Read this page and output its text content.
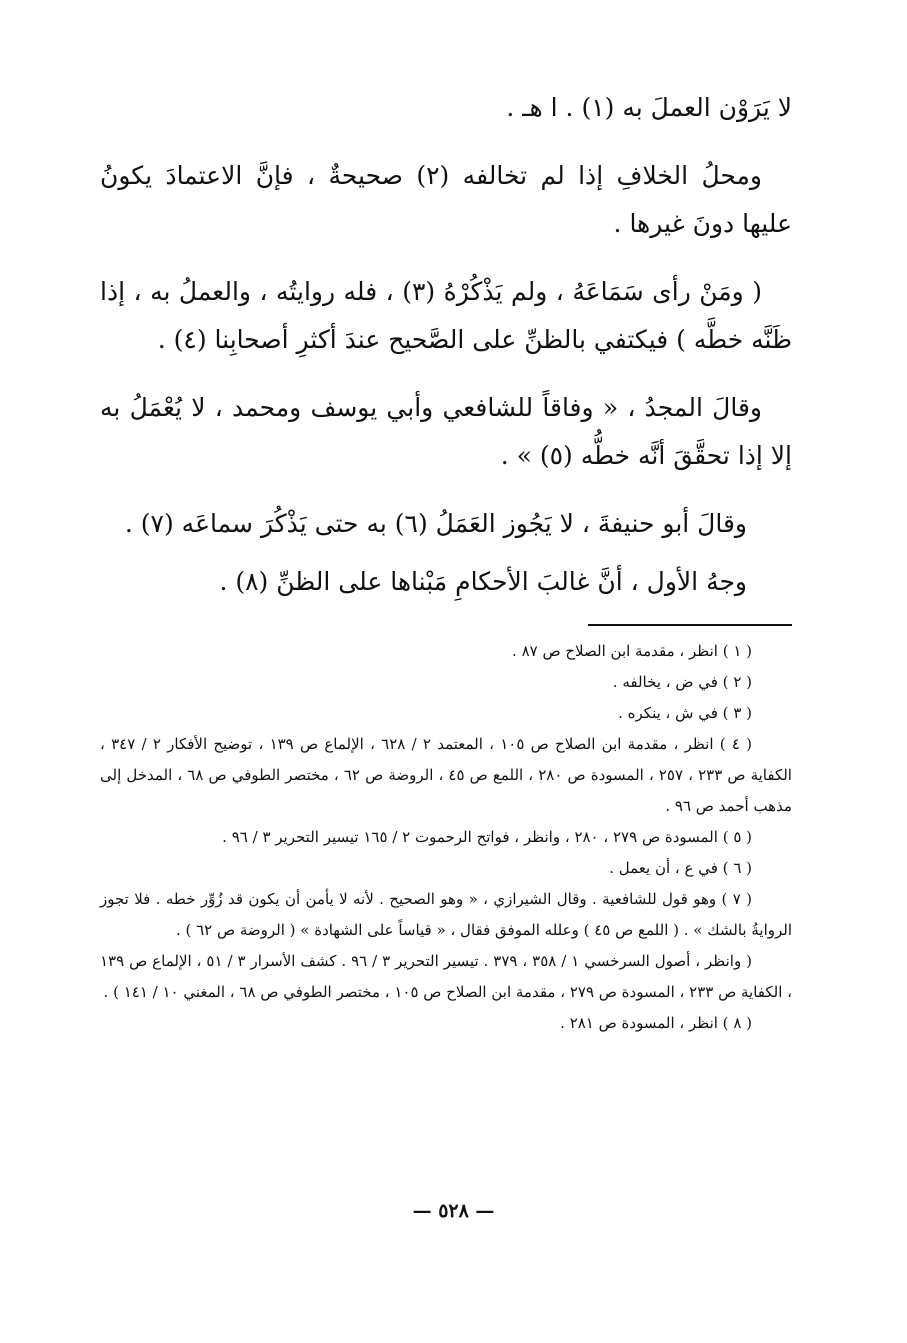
لا يَرَوْن العملَ به (١) . ا هـ .

ومحلُ الخلافِ إذا لم تخالفه (٢) صحيحةٌ ، فإنَّ الاعتمادَ يكونُ عليها دونَ غيرها .

( ومَنْ رأى سَمَاعَهُ ، ولم يَذْكُرْهُ (٣) ، فله روايتُه ، والعملُ به ، إذا ظَنَّه خطَّه ) فيكتفي بالظنِّ على الصَّحيح عندَ أكثرِ أصحابِنا (٤) .

وقالَ المجدُ ، « وفاقاً للشافعي وأبي يوسف ومحمد ، لا يُعْمَلُ به إلا إذا تحقَّقَ أنَّه خطُّه (٥) » .

وقالَ أبو حنيفةَ ، لا يَجُوز العَمَلُ (٦) به حتى يَذْكُرَ سماعَه (٧) .

وجهُ الأول ، أنَّ غالبَ الأحكامِ مَبْناها على الظنِّ (٨) .

( ١ ) انظر ، مقدمة ابن الصلاح ص ٨٧ .

( ٢ ) في ض ، يخالفه .

( ٣ ) في ش ، ينكره .

( ٤ ) انظر ، مقدمة ابن الصلاح ص ١٠٥ ، المعتمد ٢ / ٦٢٨ ، الإلماع ص ١٣٩ ، توضيح الأفكار ٢ / ٣٤٧ ، الكفاية ص ٢٣٣ ، ٢٥٧ ، المسودة ص ٢٨٠ ، اللمع ص ٤٥ ، الروضة ص ٦٢ ، مختصر الطوفي ص ٦٨ ، المدخل إلى مذهب أحمد ص ٩٦ .

( ٥ ) المسودة ص ٢٧٩ ، ٢٨٠ ، وانظر ، فواتح الرحموت ٢ / ١٦٥ تيسير التحرير ٣ / ٩٦ .

( ٦ ) في ع ، أن يعمل .

( ٧ ) وهو قول للشافعية . وقال الشيرازي ، « وهو الصحيح . لأنه لا يأمن أن يكون قد زُوِّر خطه . فلا تجوز الروايةُ بالشك » . ( اللمع ص ٤٥ ) وعلله الموفق فقال ، « قياساً على الشهادة » ( الروضة ص ٦٢ ) .

( وانظر ، أصول السرخسي ١ / ٣٥٨ ، ٣٧٩ . تيسير التحرير ٣ / ٩٦ . كشف الأسرار ٣ / ٥١ ، الإلماع ص ١٣٩ ، الكفاية ص ٢٣٣ ، المسودة ص ٢٧٩ ، مقدمة ابن الصلاح ص ١٠٥ ، مختصر الطوفي ص ٦٨ ، المغني ١٠ / ١٤١ ) .

( ٨ ) انظر ، المسودة ص ٢٨١ .

— ٥٢٨ —
